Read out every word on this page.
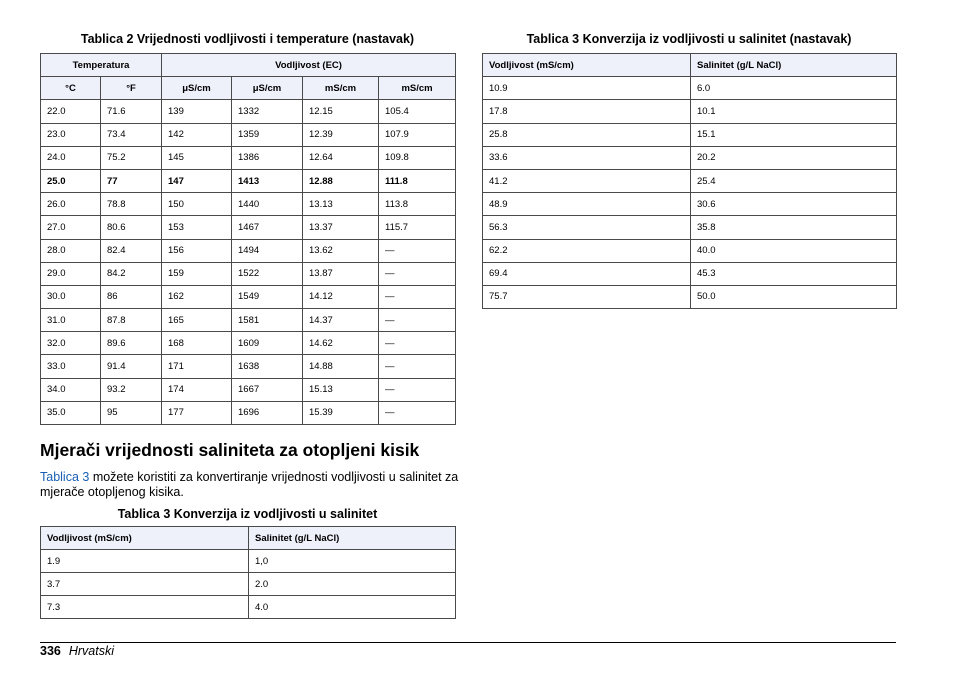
Tablica 2 Vrijednosti vodljivosti i temperature (nastavak)
Temperatura		Vodljivost (EC)			
°C	°F	μS/cm	μS/cm	mS/cm	mS/cm
22.0	71.6	139	1332	12.15	105.4
23.0	73.4	142	1359	12.39	107.9
24.0	75.2	145	1386	12.64	109.8
25.0	77	147	1413	12.88	111.8
26.0	78.8	150	1440	13.13	113.8
27.0	80.6	153	1467	13.37	115.7
28.0	82.4	156	1494	13.62	—
29.0	84.2	159	1522	13.87	—
30.0	86	162	1549	14.12	—
31.0	87.8	165	1581	14.37	—
32.0	89.6	168	1609	14.62	—
33.0	91.4	171	1638	14.88	—
34.0	93.2	174	1667	15.13	—
35.0	95	177	1696	15.39	—
Tablica 3 Konverzija iz vodljivosti u salinitet (nastavak)
Vodljivost (mS/cm)	Salinitet (g/L NaCl)
10.9	6.0
17.8	10.1
25.8	15.1
33.6	20.2
41.2	25.4
48.9	30.6
56.3	35.8
62.2	40.0
69.4	45.3
75.7	50.0
Mjerači vrijednosti saliniteta za otopljeni kisik
Tablica 3 možete koristiti za konvertiranje vrijednosti vodljivosti u salinitet za mjerače otopljenog kisika.
Tablica 3 Konverzija iz vodljivosti u salinitet
Vodljivost (mS/cm)	Salinitet (g/L NaCl)
1.9	1,0
3.7	2.0
7.3	4.0
336 Hrvatski
